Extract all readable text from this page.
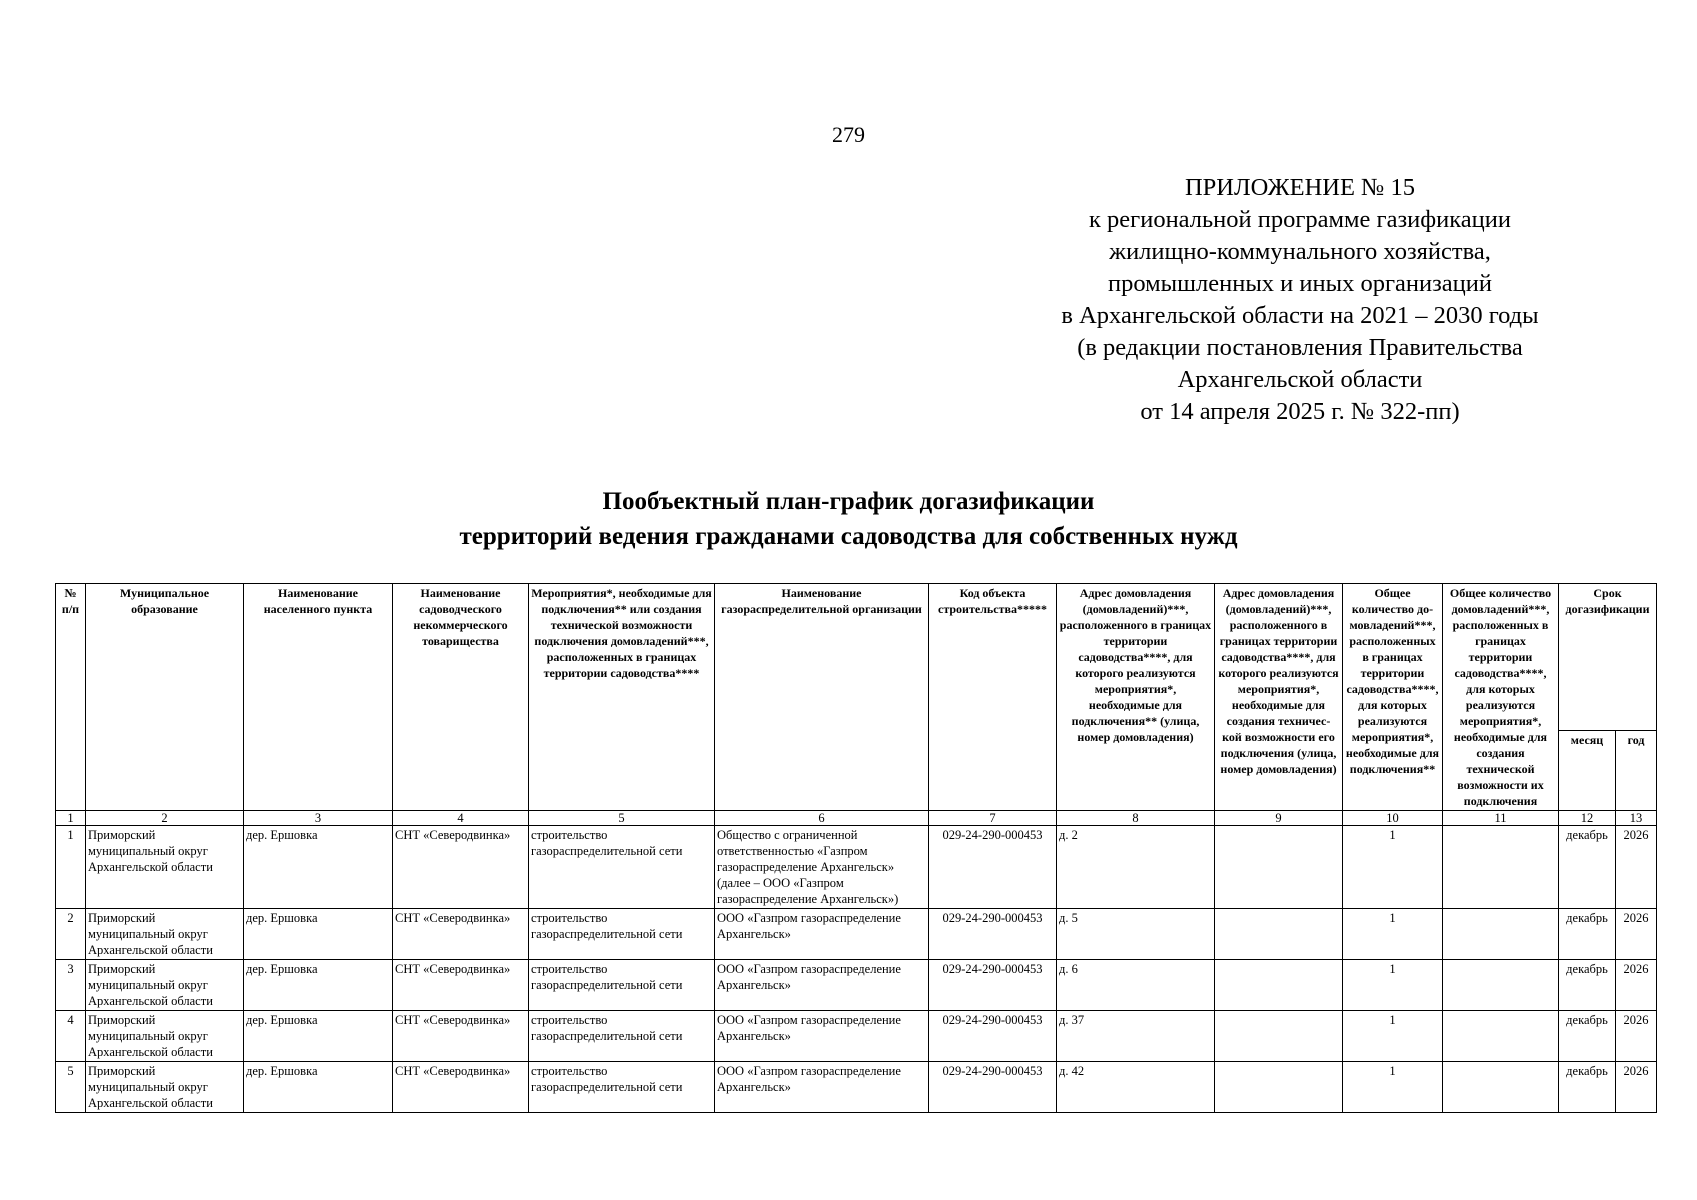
279
ПРИЛОЖЕНИЕ № 15
к региональной программе газификации
жилищно-коммунального хозяйства,
промышленных и иных организаций
в Архангельской области на 2021 – 2030 годы
(в редакции постановления Правительства
Архангельской области
от 14 апреля 2025 г. № 322-пп)
Пообъектный план-график догазификации
территорий ведения гражданами садоводства для собственных нужд
№ п/п	Муниципальное образование	Наименование населенного пункта	Наименование садоводческого некоммерческого товарищества	Мероприятия*, необходимые для подключения** или создания технической возможности подключения домовладений***, расположенных в границах территории садоводства****	Наименование газораспределительной организации	Код объекта строительства*****	Адрес домовладения (домовладений)***, расположенного в границах территории садоводства****, для которого реализуются мероприятия*, необходимые для подключения** (улица, номер домовладения)	Адрес домовладения (домовладений)***, расположенного в границах территории садоводства****, для которого реализуются мероприятия*, необходимые для создания техничес-кой возможности его подключения (улица, номер домовладения)	Общее количество до-мовладений***, расположенных в границах территории садоводства****, для которых реализуются мероприятия*, необходимые для подключения**	Общее количество домовладений***, расположенных в границах территории садоводства****, для которых реализуются мероприятия*, необходимые для создания технической возможности их подключения	Срок догазификации	
											месяц	год
1	2	3	4	5	6	7	8	9	10	11	12	13
1	Приморский муниципальный округ Архангельской области	дер. Ершовка	СНТ «Северодвинка»	строительство газораспределительной сети	Общество с ограниченной ответственностью «Газпром газораспределение Архангельск» (далее – ООО «Газпром газораспределение Архангельск»)	029-24-290-000453	д. 2		1		декабрь	2026
2	Приморский муниципальный округ Архангельской области	дер. Ершовка	СНТ «Северодвинка»	строительство газораспределительной сети	ООО «Газпром газораспределение Архангельск»	029-24-290-000453	д. 5		1		декабрь	2026
3	Приморский муниципальный округ Архангельской области	дер. Ершовка	СНТ «Северодвинка»	строительство газораспределительной сети	ООО «Газпром газораспределение Архангельск»	029-24-290-000453	д. 6		1		декабрь	2026
4	Приморский муниципальный округ Архангельской области	дер. Ершовка	СНТ «Северодвинка»	строительство газораспределительной сети	ООО «Газпром газораспределение Архангельск»	029-24-290-000453	д. 37		1		декабрь	2026
5	Приморский муниципальный округ Архангельской области	дер. Ершовка	СНТ «Северодвинка»	строительство газораспределительной сети	ООО «Газпром газораспределение Архангельск»	029-24-290-000453	д. 42		1		декабрь	2026
